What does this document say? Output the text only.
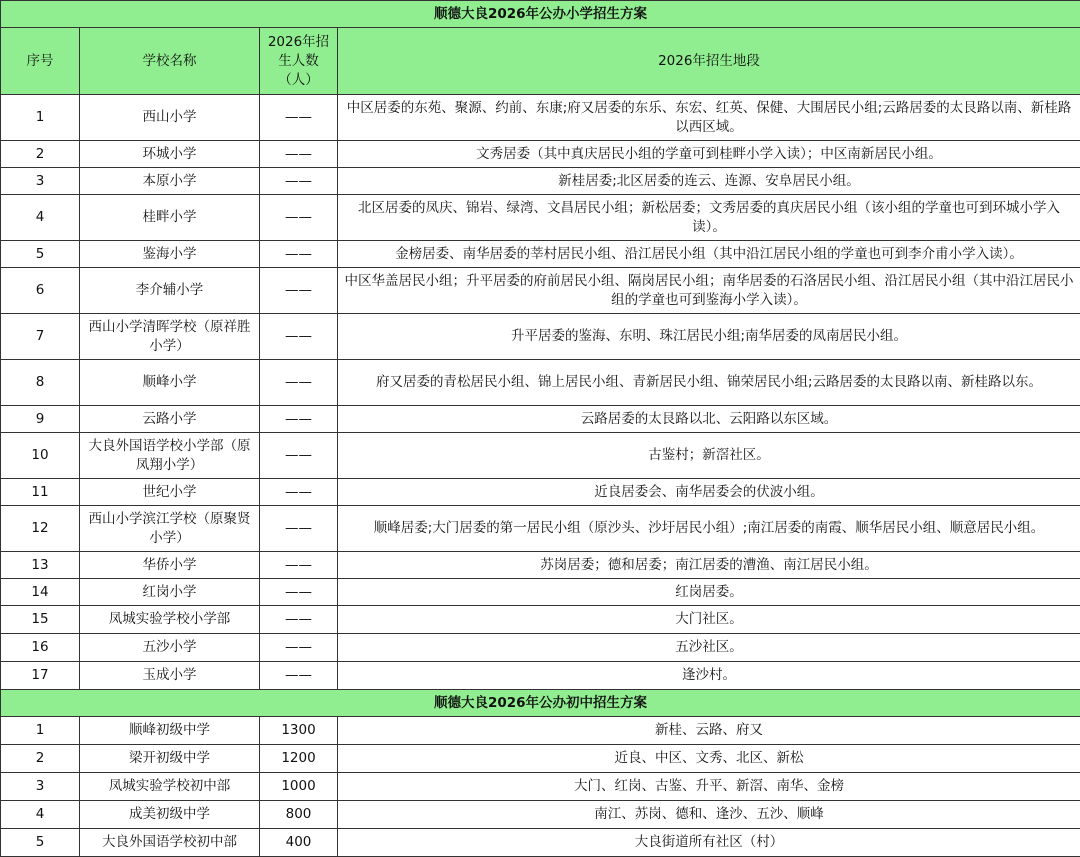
顺德大良2026年公办小学招生方案			
序号	学校名称	2026年招生人数（人）	2026年招生地段
1	西山小学	——	中区居委的东苑、聚源、约前、东康;府又居委的东乐、东宏、红英、保健、大围居民小组;云路居委的太艮路以南、新桂路以西区域。
2	环城小学	——	文秀居委（其中真庆居民小组的学童可到桂畔小学入读）；中区南新居民小组。
3	本原小学	——	新桂居委;北区居委的连云、连源、安阜居民小组。
4	桂畔小学	——	北区居委的凤庆、锦岩、绿湾、文昌居民小组；新松居委；文秀居委的真庆居民小组（该小组的学童也可到环城小学入读）。
5	鉴海小学	——	金榜居委、南华居委的莘村居民小组、沿江居民小组（其中沿江居民小组的学童也可到李介甫小学入读）。
6	李介辅小学	——	中区华盖居民小组；升平居委的府前居民小组、隔岗居民小组；南华居委的石洛居民小组、沿江居民小组（其中沿江居民小组的学童也可到鉴海小学入读）。
7	西山小学清晖学校（原祥胜小学）	——	升平居委的鉴海、东明、珠江居民小组;南华居委的凤南居民小组。
8	顺峰小学	——	府又居委的青松居民小组、锦上居民小组、青新居民小组、锦荣居民小组;云路居委的太艮路以南、新桂路以东。
9	云路小学	——	云路居委的太艮路以北、云阳路以东区域。
10	大良外国语学校小学部（原凤翔小学）	——	古鉴村；新滘社区。
11	世纪小学	——	近良居委会、南华居委会的伏波小组。
12	西山小学滨江学校（原聚贤小学）	——	顺峰居委;大门居委的第一居民小组（原沙头、沙圩居民小组）;南江居委的南霞、顺华居民小组、顺意居民小组。
13	华侨小学	——	苏岗居委；德和居委；南江居委的漕渔、南江居民小组。
14	红岗小学	——	红岗居委。
15	凤城实验学校小学部	——	大门社区。
16	五沙小学	——	五沙社区。
17	玉成小学	——	逢沙村。
顺德大良2026年公办初中招生方案			
1	顺峰初级中学	1300	新桂、云路、府又
2	梁开初级中学	1200	近良、中区、文秀、北区、新松
3	凤城实验学校初中部	1000	大门、红岗、古鉴、升平、新滘、南华、金榜
4	成美初级中学	800	南江、苏岗、德和、逢沙、五沙、顺峰
5	大良外国语学校初中部	400	大良街道所有社区（村）
